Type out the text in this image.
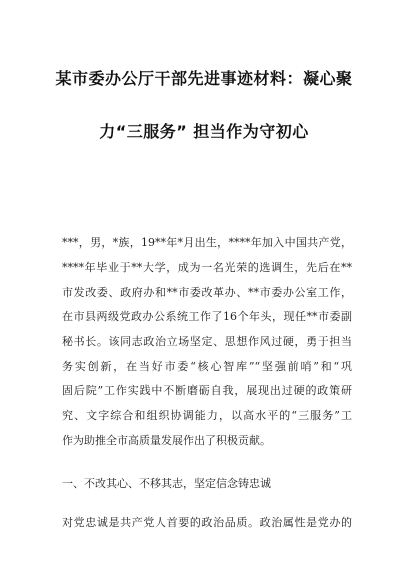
某市委办公厅干部先进事迹材料：凝心聚
力“三服务” 担当作为守初心
***，男，*族，19**年*月出生，****年加入中国共产党，
****年毕业于**大学，成为一名光荣的选调生，先后在**
市发改委、政府办和**市委改革办、**市委办公室工作，
在市县两级党政办公系统工作了16个年头，现任**市委副
秘书长。该同志政治立场坚定、思想作风过硬，勇于担当
务实创新，在当好市委“核心智库”“坚强前哨”和“巩
固后院”工作实践中不断磨砺自我，展现出过硬的政策研
究、文字综合和组织协调能力，以高水平的“三服务”工
作为助推全市高质量发展作出了积极贡献。
一、不改其心、不移其志，坚定信念铸忠诚
对党忠诚是共产党人首要的政治品质。政治属性是党办的
